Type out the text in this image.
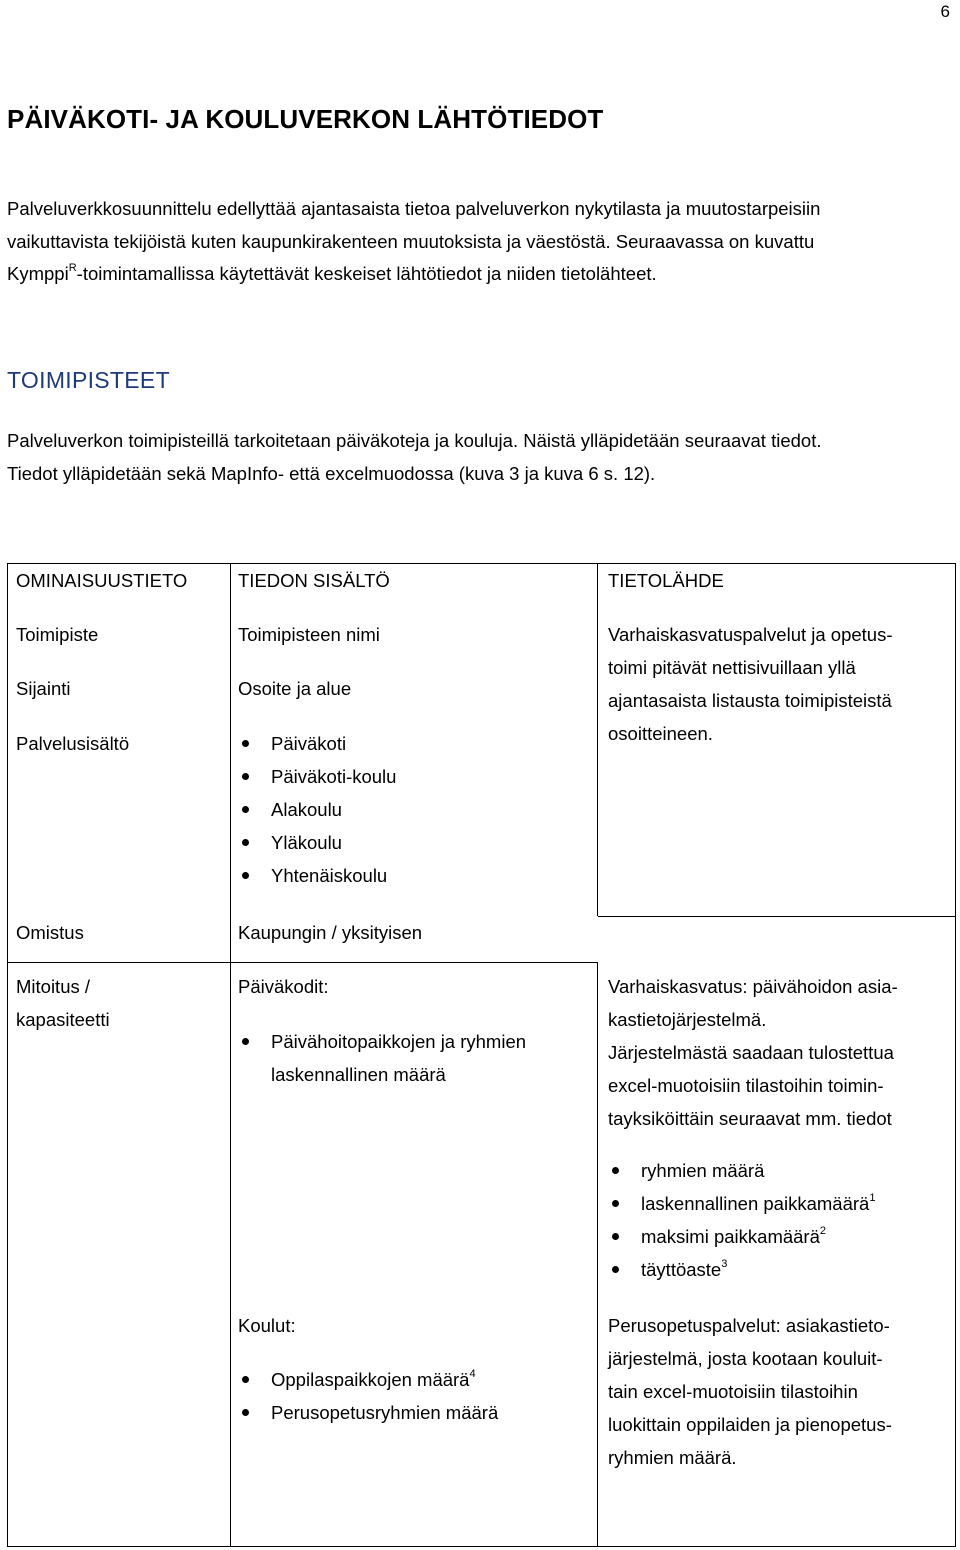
6
PÄIVÄKOTI- JA KOULUVERKON LÄHTÖTIEDOT

Palveluverkkosuunnittelu edellyttää ajantasaista tietoa palveluverkon nykytilasta ja muutostarpeisiin
vaikuttavista tekijöistä kuten kaupunkirakenteen muutoksista ja väestöstä. Seuraavassa on kuvattu
Kymppi$^R$-toimintamallissa käytettävät keskeiset lähtötiedot ja niiden tietolähteet.

TOIMIPISTEET

Palveluverkon toimipisteillä tarkoitetaan päiväkoteja ja kouluja. Näistä ylläpidetään seuraavat tiedot.
Tiedot ylläpidetään sekä MapInfo- että excelmuodossa (kuva 3 ja kuva 6 s. 12).

OMINAISUUSTIETO	TIEDON SISÄLTÖ	TIETOLÄHDE
Toimipiste
Sijainti
Palvelusisältö
Omistus
Mitoitus /
kapasiteetti
Toimipisteen nimi
Osoite ja alue
Päiväkoti
Päiväkoti-koulu
Alakoulu
Yläkoulu
Yhtenäiskoulu
Kaupungin / yksityisen
Päiväkodit:
Päivähoitopaikkojen ja ryhmien
laskennallinen määrä
Koulut:
Oppilaspaikkojen määrä$^4$
Perusopetusryhmien määrä
Varhaiskasvatuspalvelut ja opetus-
toimi pitävät nettisivuillaan yllä
ajantasaista listausta toimipisteistä
osoitteineen.
Varhaiskasvatus: päivähoidon asia-
kastietojärjestelmä.
Järjestelmästä saadaan tulostettua
excel-muotoisiin tilastoihin toimin-
tayksiköittäin seuraavat mm. tiedot
ryhmien määrä
laskennallinen paikkamäärä$^1$
maksimi paikkamäärä$^2$
täyttöaste$^3$
Perusopetuspalvelut: asiakastieto-
järjestelmä, josta kootaan kouluit-
tain excel-muotoisiin tilastoihin
luokittain oppilaiden ja pienopetus-
ryhmien määrä.
